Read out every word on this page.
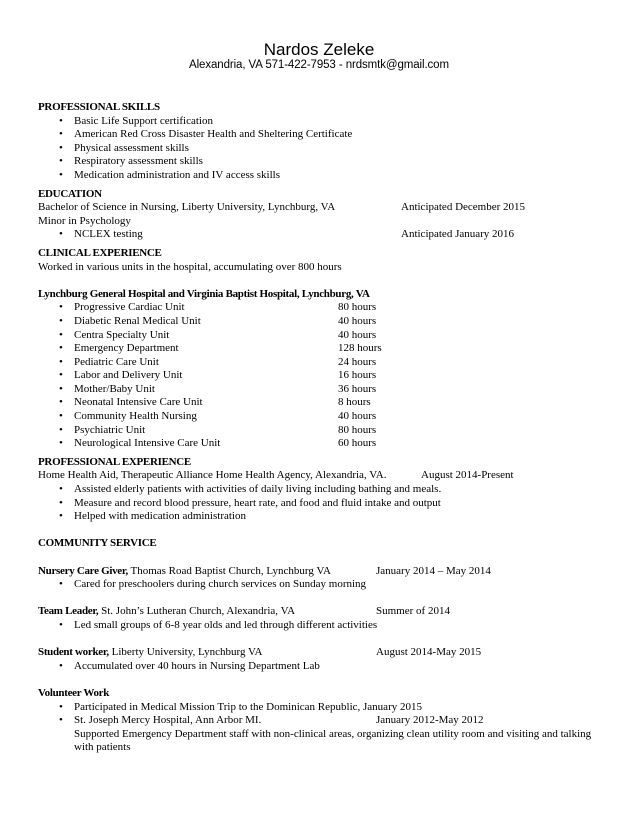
Nardos Zeleke
Alexandria, VA 571-422-7953 - nrdsmtk@gmail.com
PROFESSIONAL SKILLS
• Basic Life Support certification
• American Red Cross Disaster Health and Sheltering Certificate
• Physical assessment skills
• Respiratory assessment skills
• Medication administration and IV access skills
EDUCATION
Bachelor of Science in Nursing, Liberty University, Lynchburg, VA	Anticipated December 2015
Minor in Psychology
• NCLEX testing	Anticipated January 2016
CLINICAL EXPERIENCE
Worked in various units in the hospital, accumulating over 800 hours
Lynchburg General Hospital and Virginia Baptist Hospital, Lynchburg, VA
• Progressive Cardiac Unit	80 hours
• Diabetic Renal Medical Unit	40 hours
• Centra Specialty Unit	40 hours
• Emergency Department	128 hours
• Pediatric Care Unit	24 hours
• Labor and Delivery Unit	16 hours
• Mother/Baby Unit	36 hours
• Neonatal Intensive Care Unit	8 hours
• Community Health Nursing	40 hours
• Psychiatric Unit	80 hours
• Neurological Intensive Care Unit	60 hours
PROFESSIONAL EXPERIENCE
Home Health Aid, Therapeutic Alliance Home Health Agency, Alexandria, VA.	August 2014-Present
• Assisted elderly patients with activities of daily living including bathing and meals.
• Measure and record blood pressure, heart rate, and food and fluid intake and output
• Helped with medication administration
COMMUNITY SERVICE
Nursery Care Giver, Thomas Road Baptist Church, Lynchburg VA	January 2014 – May 2014
• Cared for preschoolers during church services on Sunday morning
Team Leader, St. John’s Lutheran Church, Alexandria, VA	Summer of 2014
• Led small groups of 6-8 year olds and led through different activities
Student worker, Liberty University, Lynchburg VA	August 2014-May 2015
• Accumulated over 40 hours in Nursing Department Lab
Volunteer Work
• Participated in Medical Mission Trip to the Dominican Republic, January 2015
• St. Joseph Mercy Hospital, Ann Arbor MI.	January 2012-May 2012
Supported Emergency Department staff with non-clinical areas, organizing clean utility room and visiting and talking with patients
